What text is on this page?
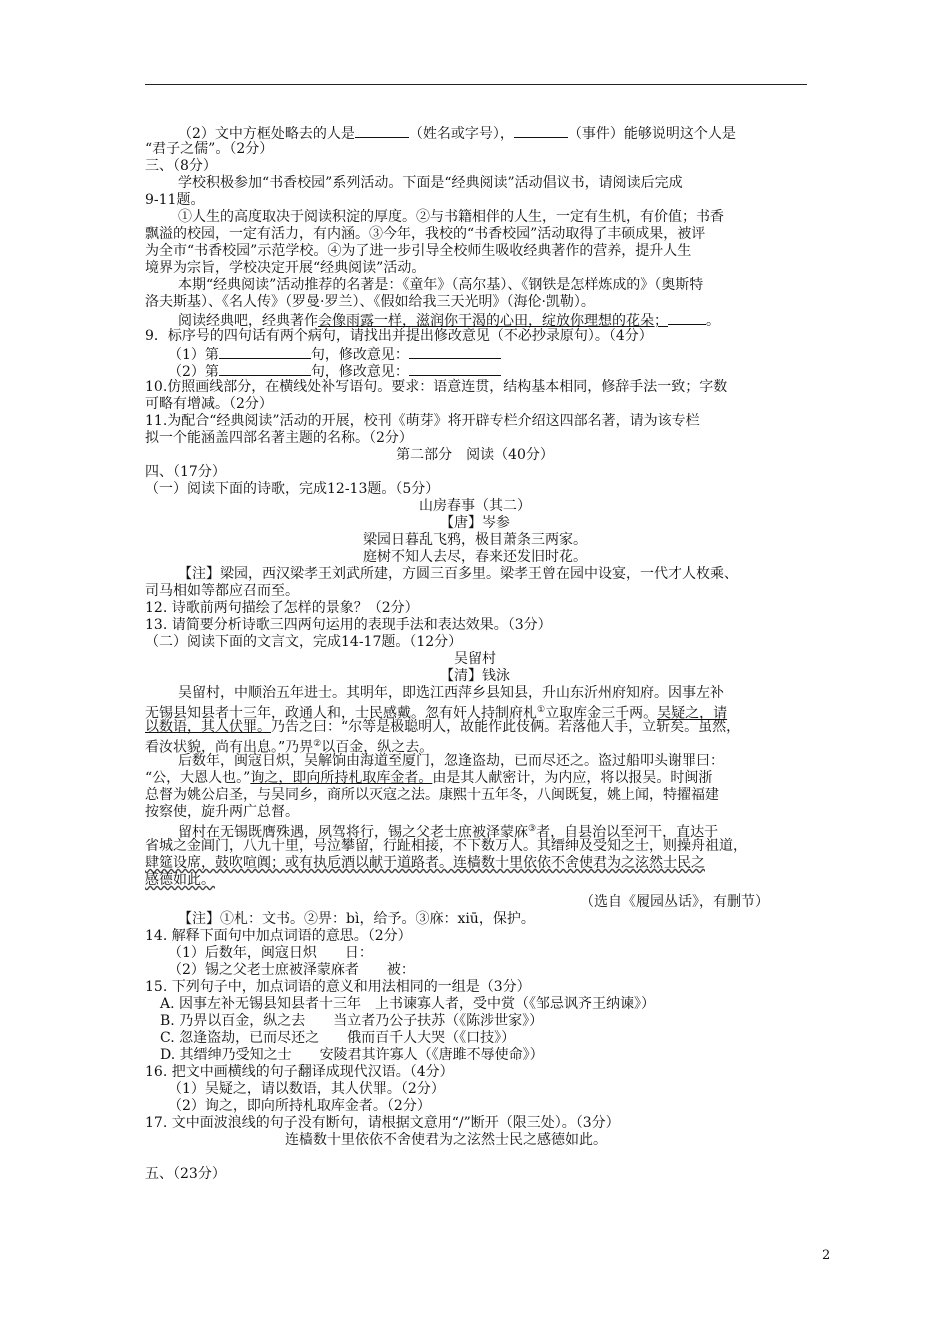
（2）文中方框处略去的人是	（姓名或字号），	（事件）能够说明这个人是
“君子之儒”。（2分）
三、（8分）
学校积极参加“书香校园”系列活动。下面是“经典阅读”活动倡议书，请阅读后完成
9-11题。
①人生的高度取决于阅读积淀的厚度。②与书籍相伴的人生，一定有生机，有价值；书香
飘溢的校园，一定有活力，有内涵。③今年，我校的“书香校园”活动取得了丰硕成果，被评
为全市“书香校园”示范学校。④为了进一步引导全校师生吸收经典著作的营养，提升人生
境界为宗旨，学校决定开展“经典阅读”活动。
本期“经典阅读”活动推荐的名著是：《童年》（高尔基）、《钢铁是怎样炼成的》（奥斯特
洛夫斯基）、《名人传》（罗曼·罗兰）、《假如给我三天光明》（海伦·凯勒）。
阅读经典吧，经典著作会像雨露一样，滋润你干渴的心田，绽放你理想的花朵；	。
9．标序号的四句话有两个病句，请找出并提出修改意见（不必抄录原句）。（4分）
（1）第	句，修改意见：
（2）第	句，修改意见：
10.仿照画线部分，在横线处补写语句。要求：语意连贯，结构基本相同，修辞手法一致；字数
可略有增减。（2分）
11.为配合“经典阅读”活动的开展，校刊《萌芽》将开辟专栏介绍这四部名著，请为该专栏
拟一个能涵盖四部名著主题的名称。（2分）
第二部分　阅读（40分）
四、（17分）
（一）阅读下面的诗歌，完成12-13题。（5分）
山房春事（其二）
【唐】岑参
梁园日暮乱飞鸦，极目萧条三两家。
庭树不知人去尽，春来还发旧时花。
【注】梁园，西汉梁孝王刘武所建，方圆三百多里。梁孝王曾在园中设宴，一代才人枚乘、
司马相如等都应召而至。
12. 诗歌前两句描绘了怎样的景象？（2分）
13. 请简要分析诗歌三四两句运用的表现手法和表达效果。（3分）
（二）阅读下面的文言文，完成14-17题。（12分）
吴留村
【清】钱泳
吴留村，中顺治五年进士。其明年，即选江西萍乡县知县，升山东沂州府知府。因事左补
无锡县知县者十三年，政通人和，士民感戴。忽有奸人持制府札①立取库金三千两。吴疑之，请
以数语，其人伏罪。乃告之曰：“尔等是极聪明人，故能作此伎俩。若落他人手，立斩矣。虽然，
看汝状貌，尚有出息。”乃畀②以百金，纵之去。
后数年，闽寇日炽，吴解饷由海道至厦门，忽逢盗劫，已而尽还之。盗过船叩头谢罪曰：
“公，大恩人也。”询之，即向所持札取库金者。由是其人献密计，为内应，将以报吴。时闽浙
总督为姚公启圣，与吴同乡，商所以灭寇之法。康熙十五年冬，八闽既复，姚上闻，特擢福建
按察使，旋升两广总督。
留村在无锡既膺殊遇，夙驾将行，锡之父老士庶被泽蒙庥③者，自县治以至河干，直达于
省城之金阊门，八九十里，号泣攀留，行趾相接，不下数万人。其缙绅及受知之士，则操舟祖道，
肆筵设席，鼓吹喧阗；或有执卮酒以献于道路者。连樯数十里依依不舍使君为之泫然士民之
感德如此。
（选自《履园丛话》，有删节）
【注】①札：文书。②畀：bì，给予。③庥：xiū，保护。
14. 解释下面句中加点词语的意思。（2分）
（1）后数年，闽寇日炽　　日：
（2）锡之父老士庶被泽蒙庥者　　被：
15. 下列句子中，加点词语的意义和用法相同的一组是（3分）
A. 因事左补无锡县知县者十三年　上书谏寡人者，受中赏（《邹忌讽齐王纳谏》）
B. 乃畀以百金，纵之去　　当立者乃公子扶苏（《陈涉世家》）
C. 忽逢盗劫，已而尽还之　　俄而百千人大哭（《口技》）
D. 其缙绅乃受知之士　　安陵君其许寡人（《唐雎不辱使命》）
16. 把文中画横线的句子翻译成现代汉语。（4分）
（1）吴疑之，请以数语，其人伏罪。（2分）
（2）询之，即向所持札取库金者。（2分）
17. 文中面波浪线的句子没有断句，请根据文意用“/”断开（限三处）。（3分）
连樯数十里依依不舍使君为之泫然士民之感德如此。
五、（23分）
2
